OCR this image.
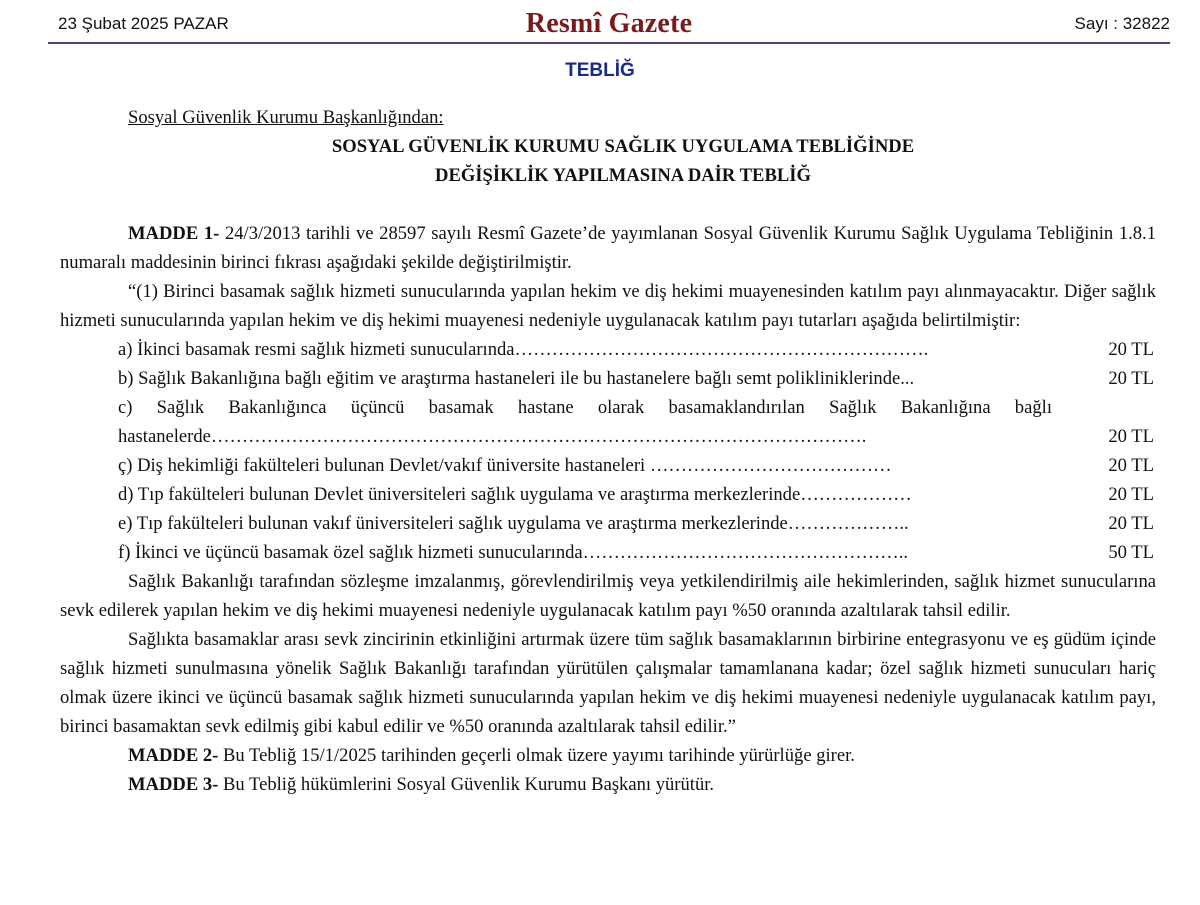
23 Şubat 2025 PAZAR	Resmî Gazete	Sayı : 32822
TEBLİĞ
Sosyal Güvenlik Kurumu Başkanlığından:
SOSYAL GÜVENLİK KURUMU SAĞLIK UYGULAMA TEBLİĞİNDE
DEĞİŞİKLİK YAPILMASINA DAİR TEBLİĞ

MADDE 1- 24/3/2013 tarihli ve 28597 sayılı Resmî Gazete’de yayımlanan Sosyal Güvenlik Kurumu Sağlık Uygulama Tebliğinin 1.8.1 numaralı maddesinin birinci fıkrası aşağıdaki şekilde değiştirilmiştir.

“(1) Birinci basamak sağlık hizmeti sunucularında yapılan hekim ve diş hekimi muayenesinden katılım payı alınmayacaktır. Diğer sağlık hizmeti sunucularında yapılan hekim ve diş hekimi muayenesi nedeniyle uygulanacak katılım payı tutarları aşağıda belirtilmiştir:

a) İkinci basamak resmi sağlık hizmeti sunucularında………………………………………………………….	20 TL
b) Sağlık Bakanlığına bağlı eğitim ve araştırma hastaneleri ile bu hastanelere bağlı semt polikliniklerinde...	20 TL
c) Sağlık Bakanlığınca üçüncü basamak hastane olarak basamaklandırılan Sağlık Bakanlığına bağlı
hastanelerde…………………………………………………………………………………………….	20 TL
ç) Diş hekimliği fakülteleri bulunan Devlet/vakıf üniversite hastaneleri …………………………………	20 TL
d) Tıp fakülteleri bulunan Devlet üniversiteleri sağlık uygulama ve araştırma merkezlerinde………………	20 TL
e) Tıp fakülteleri bulunan vakıf üniversiteleri sağlık uygulama ve araştırma merkezlerinde………………..	20 TL
f) İkinci ve üçüncü basamak özel sağlık hizmeti sunucularında……………………………………………..	50 TL

Sağlık Bakanlığı tarafından sözleşme imzalanmış, görevlendirilmiş veya yetkilendirilmiş aile hekimlerinden, sağlık hizmet sunucularına sevk edilerek yapılan hekim ve diş hekimi muayenesi nedeniyle uygulanacak katılım payı %50 oranında azaltılarak tahsil edilir.

Sağlıkta basamaklar arası sevk zincirinin etkinliğini artırmak üzere tüm sağlık basamaklarının birbirine entegrasyonu ve eş güdüm içinde sağlık hizmeti sunulmasına yönelik Sağlık Bakanlığı tarafından yürütülen çalışmalar tamamlanana kadar; özel sağlık hizmeti sunucuları hariç olmak üzere ikinci ve üçüncü basamak sağlık hizmeti sunucularında yapılan hekim ve diş hekimi muayenesi nedeniyle uygulanacak katılım payı, birinci basamaktan sevk edilmiş gibi kabul edilir ve %50 oranında azaltılarak tahsil edilir.”

MADDE 2- Bu Tebliğ 15/1/2025 tarihinden geçerli olmak üzere yayımı tarihinde yürürlüğe girer.

MADDE 3- Bu Tebliğ hükümlerini Sosyal Güvenlik Kurumu Başkanı yürütür.
